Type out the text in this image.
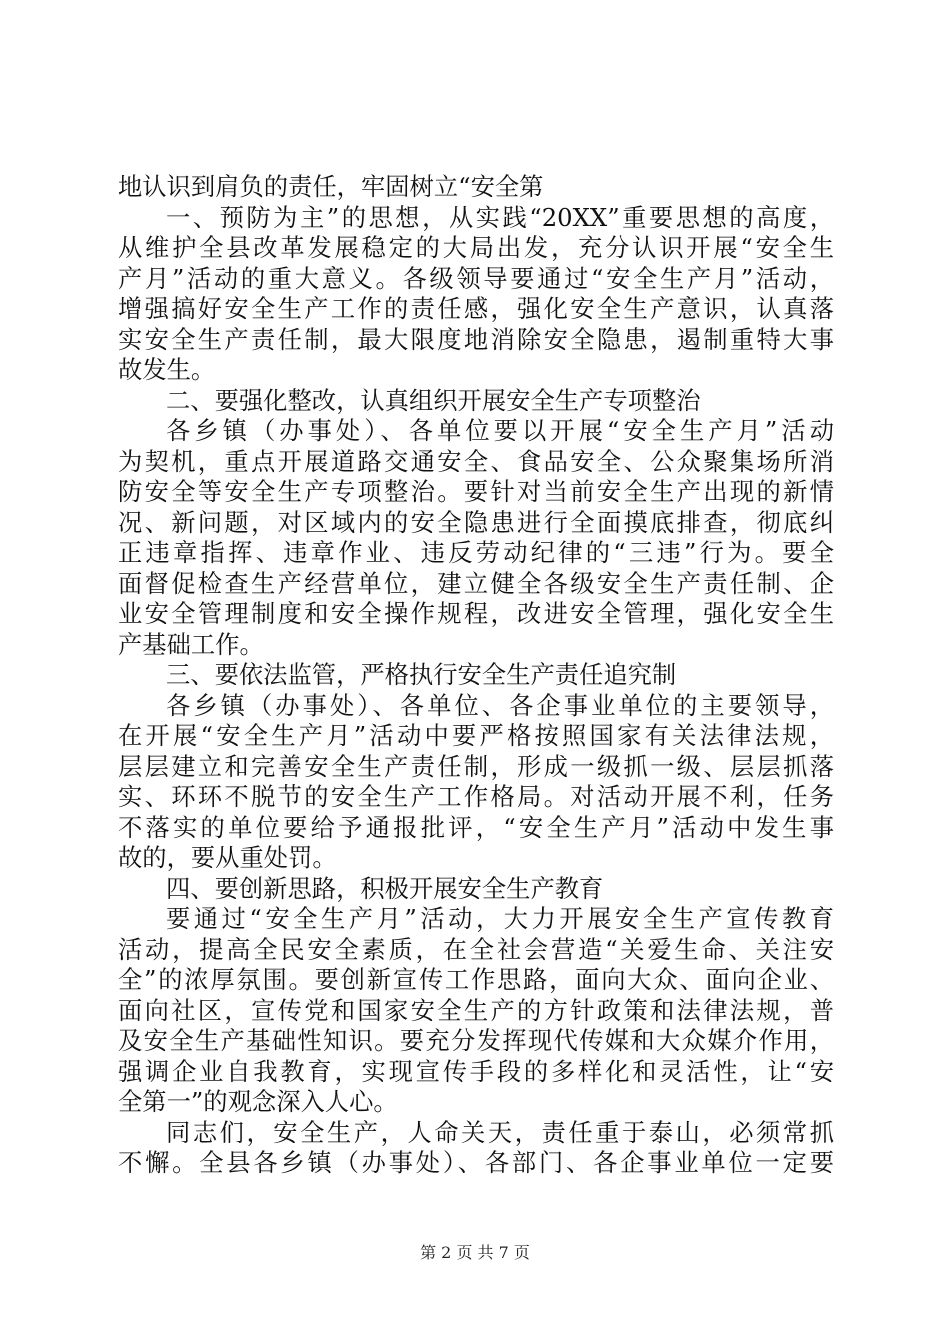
地认识到肩负的责任，牢固树立“安全第
一、预防为主”的思想，从实践“20XX”重要思想的高度，
从维护全县改革发展稳定的大局出发，充分认识开展“安全生
产月”活动的重大意义。各级领导要通过“安全生产月”活动，
增强搞好安全生产工作的责任感，强化安全生产意识，认真落
实安全生产责任制，最大限度地消除安全隐患，遏制重特大事
故发生。
二、要强化整改，认真组织开展安全生产专项整治
各乡镇（办事处）、各单位要以开展“安全生产月”活动
为契机，重点开展道路交通安全、食品安全、公众聚集场所消
防安全等安全生产专项整治。要针对当前安全生产出现的新情
况、新问题，对区域内的安全隐患进行全面摸底排查，彻底纠
正违章指挥、违章作业、违反劳动纪律的“三违”行为。要全
面督促检查生产经营单位，建立健全各级安全生产责任制、企
业安全管理制度和安全操作规程，改进安全管理，强化安全生
产基础工作。
三、要依法监管，严格执行安全生产责任追究制
各乡镇（办事处）、各单位、各企事业单位的主要领导，
在开展“安全生产月”活动中要严格按照国家有关法律法规，
层层建立和完善安全生产责任制，形成一级抓一级、层层抓落
实、环环不脱节的安全生产工作格局。对活动开展不利，任务
不落实的单位要给予通报批评，“安全生产月”活动中发生事
故的，要从重处罚。
四、要创新思路，积极开展安全生产教育
要通过“安全生产月”活动，大力开展安全生产宣传教育
活动，提高全民安全素质，在全社会营造“关爱生命、关注安
全”的浓厚氛围。要创新宣传工作思路，面向大众、面向企业、
面向社区，宣传党和国家安全生产的方针政策和法律法规，普
及安全生产基础性知识。要充分发挥现代传媒和大众媒介作用，
强调企业自我教育，实现宣传手段的多样化和灵活性，让“安
全第一”的观念深入人心。
同志们，安全生产，人命关天，责任重于泰山，必须常抓
不懈。全县各乡镇（办事处）、各部门、各企事业单位一定要
第 2 页 共 7 页
